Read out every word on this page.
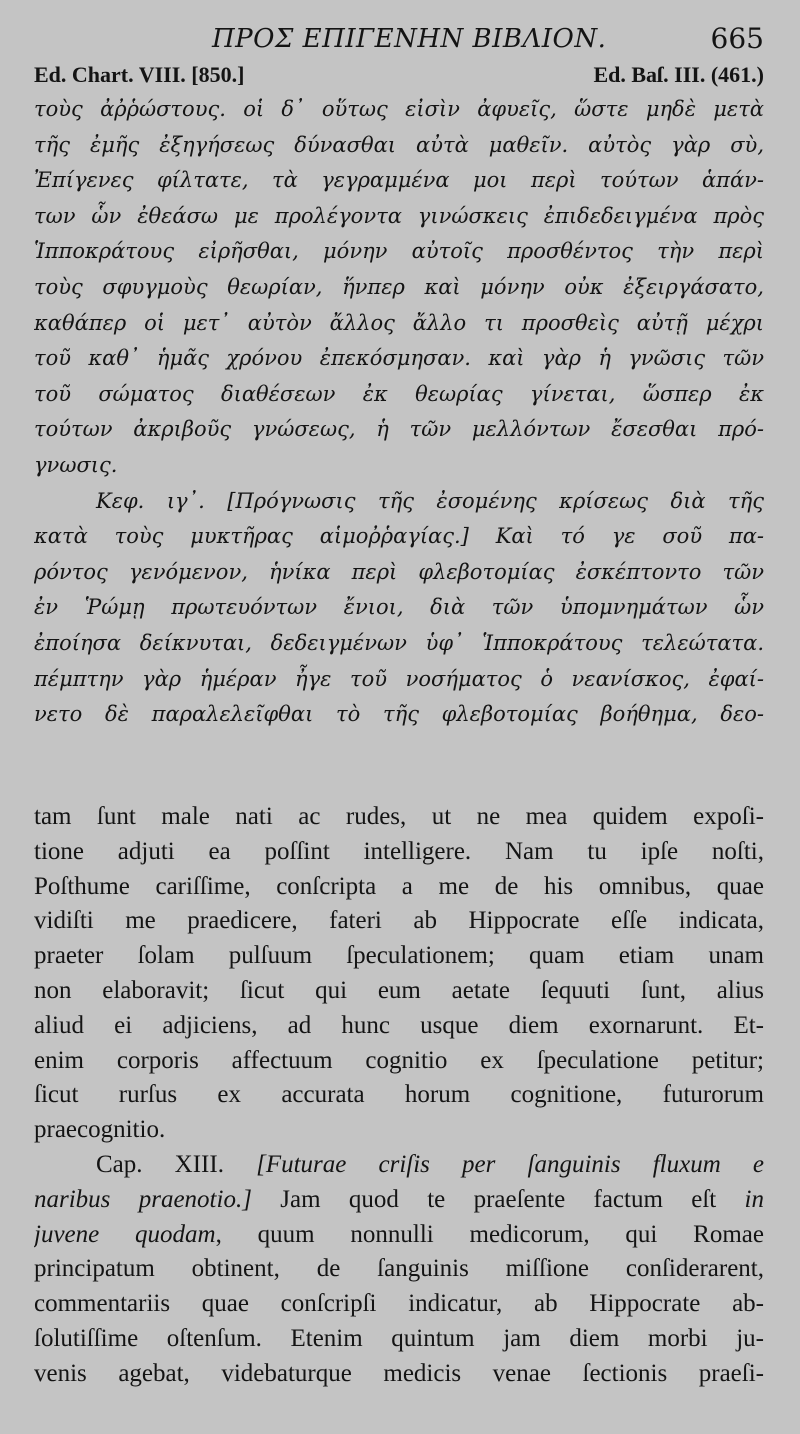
ΠΡΟΣ ΕΠΙΓΕΝΗΝ ΒΙΒΛΙΟΝ.	665
Ed. Chart. VIII. [850.]	Ed. Baſ. III. (461.)
τοὺς ἀῤῥώστους. οἱ δ᾽ οὕτως εἰσὶν ἀφυεῖς, ὥστε μηδὲ μετὰ
τῆς ἐμῆς ἐξηγήσεως δύνασθαι αὐτὰ μαθεῖν. αὐτὸς γὰρ σὺ,
Ἐπίγενες φίλτατε, τὰ γεγραμμένα μοι περὶ τούτων ἁπάν-
των ὧν ἐθεάσω με προλέγοντα γινώσκεις ἐπιδεδειγμένα πρὸς
Ἱπποκράτους εἰρῆσθαι, μόνην αὐτοῖς προσθέντος τὴν περὶ
τοὺς σφυγμοὺς θεωρίαν, ἥνπερ καὶ μόνην οὐκ ἐξειργάσατο,
καθάπερ οἱ μετ᾽ αὐτὸν ἄλλος ἄλλο τι προσθεὶς αὐτῇ μέχρι
τοῦ καθ᾽ ἡμᾶς χρόνου ἐπεκόσμησαν. καὶ γὰρ ἡ γνῶσις τῶν
τοῦ σώματος διαθέσεων ἐκ θεωρίας γίνεται, ὥσπερ ἐκ
τούτων ἀκριβοῦς γνώσεως, ἡ τῶν μελλόντων ἔσεσθαι πρό-
γνωσις.
Κεφ. ιγ᾽. [Πρόγνωσις τῆς ἐσομένης κρίσεως διὰ τῆς
κατὰ τοὺς μυκτῆρας αἱμοῤῥαγίας.] Καὶ τό γε σοῦ πα-
ρόντος γενόμενον, ἡνίκα περὶ φλεβοτομίας ἐσκέπτοντο τῶν
ἐν Ῥώμῃ πρωτευόντων ἔνιοι, διὰ τῶν ὑπομνημάτων ὧν
ἐποίησα δείκνυται, δεδειγμένων ὑφ᾽ Ἱπποκράτους τελεώτατα.
πέμπτην γὰρ ἡμέραν ἦγε τοῦ νοσήματος ὁ νεανίσκος, ἐφαί-
νετο δὲ παραλελεῖφθαι τὸ τῆς φλεβοτομίας βοήθημα, δεο-
tam ſunt male nati ac rudes, ut ne mea quidem expoſi-
tione adjuti ea poſſint intelligere. Nam tu ipſe noſti,
Poſthume cariſſime, conſcripta a me de his omnibus, quae
vidiſti me praedicere, fateri ab Hippocrate eſſe indicata,
praeter ſolam pulſuum ſpeculationem; quam etiam unam
non elaboravit; ſicut qui eum aetate ſequuti ſunt, alius
aliud ei adjiciens, ad hunc usque diem exornarunt. Et-
enim corporis affectuum cognitio ex ſpeculatione petitur;
ſicut rurſus ex accurata horum cognitione, futurorum
praecognitio.
Cap. XIII. [Futurae criſis per ſanguinis fluxum e
naribus praenotio.] Jam quod te praeſente factum eſt in
juvene quodam, quum nonnulli medicorum, qui Romae
principatum obtinent, de ſanguinis miſſione conſiderarent,
commentariis quae conſcripſi indicatur, ab Hippocrate ab-
ſolutiſſime oſtenſum. Etenim quintum jam diem morbi ju-
venis agebat, videbaturque medicis venae ſectionis praeſi-
